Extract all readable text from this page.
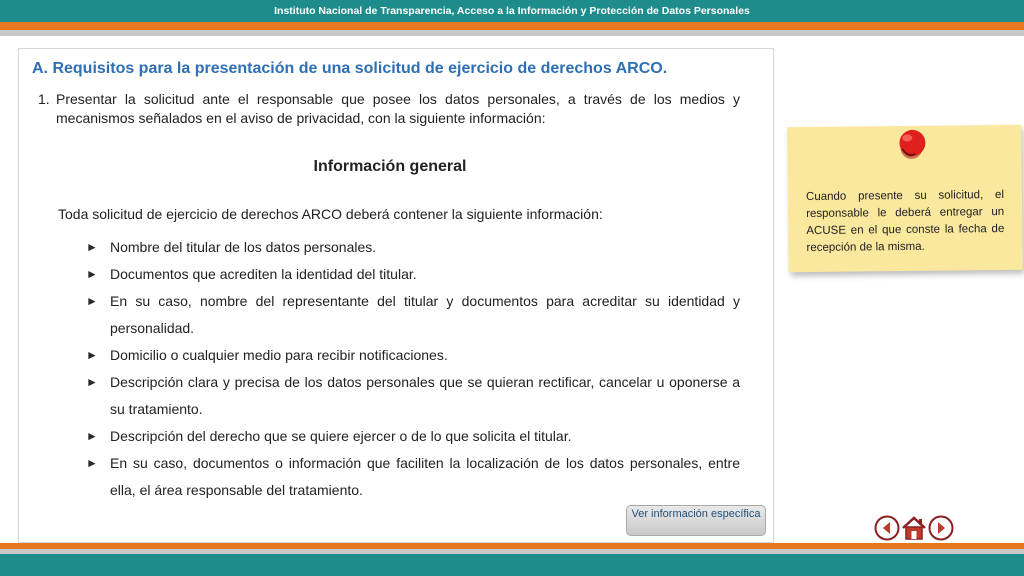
Instituto Nacional de Transparencia, Acceso a la Información y Protección de Datos Personales
A. Requisitos para la presentación de una solicitud de ejercicio de derechos ARCO.
1. Presentar la solicitud ante el responsable que posee los datos personales, a través de los medios y mecanismos señalados en el aviso de privacidad, con la siguiente información:
Información general
Toda solicitud de ejercicio de derechos ARCO deberá contener la siguiente información:
► Nombre del titular de los datos personales.
► Documentos que acrediten la identidad del titular.
► En su caso, nombre del representante del titular y documentos para acreditar su identidad y personalidad.
► Domicilio o cualquier medio para recibir notificaciones.
► Descripción clara y precisa de los datos personales que se quieran rectificar, cancelar u oponerse a su tratamiento.
► Descripción del derecho que se quiere ejercer o de lo que solicita el titular.
► En su caso, documentos o información que faciliten la localización de los datos personales, entre ella, el área responsable del tratamiento.
Ver información específica
Cuando presente su solicitud, el responsable le deberá entregar un ACUSE en el que conste la fecha de recepción de la misma.
